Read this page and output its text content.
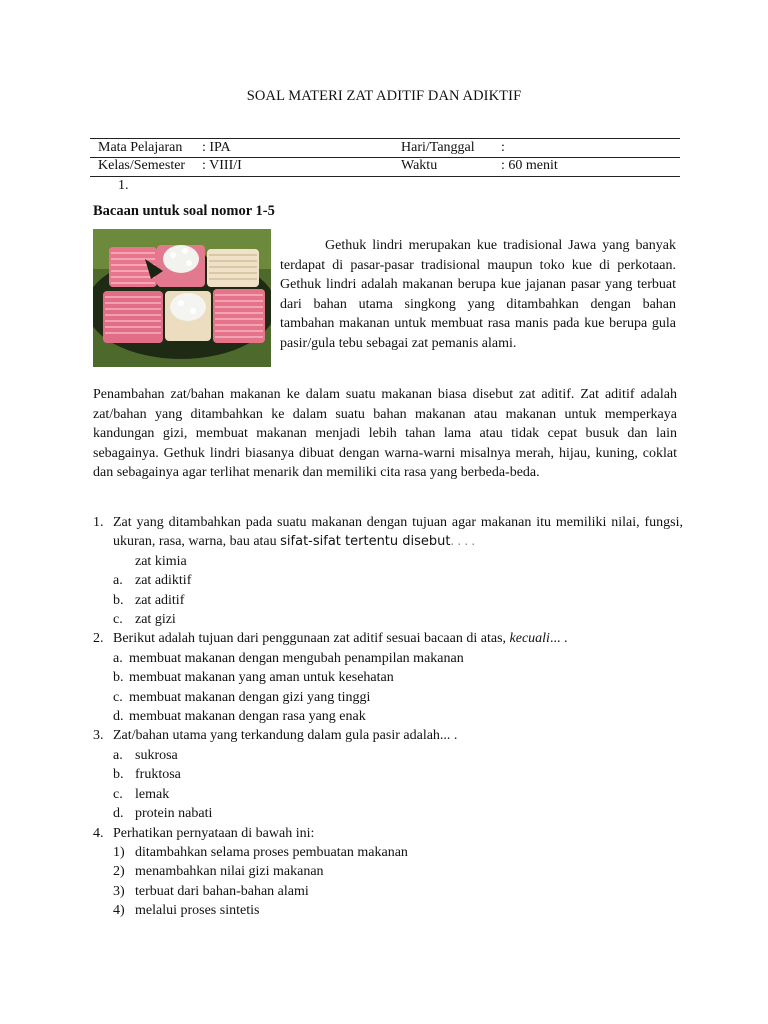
SOAL MATERI ZAT ADITIF DAN ADIKTIF
Mata Pelajaran : IPA	Hari/Tanggal :
Kelas/Semester : VIII/I	Waktu	: 60 menit
1.
Bacaan untuk soal nomor 1-5
Gethuk lindri merupakan kue tradisional Jawa yang banyak terdapat di pasar-pasar tradisional maupun toko kue di perkotaan. Gethuk lindri adalah makanan berupa kue jajanan pasar yang terbuat dari bahan utama singkong yang ditambahkan dengan bahan tambahan makanan untuk membuat rasa manis pada kue berupa gula pasir/gula tebu sebagai zat pemanis alami.
Penambahan zat/bahan makanan ke dalam suatu makanan biasa disebut zat aditif. Zat aditif adalah zat/bahan yang ditambahkan ke dalam suatu bahan makanan atau makanan untuk memperkaya kandungan gizi, membuat makanan menjadi lebih tahan lama atau tidak cepat busuk dan lain sebagainya. Gethuk lindri biasanya dibuat dengan warna-warni misalnya merah, hijau, kuning, coklat dan sebagainya agar terlihat menarik dan memiliki cita rasa yang berbeda-beda.
1. Zat yang ditambahkan pada suatu makanan dengan tujuan agar makanan itu memiliki nilai, fungsi, ukuran, rasa, warna, bau atau sifat-sifat tertentu disebut. . . .
zat kimia
a. zat adiktif
b. zat aditif
c. zat gizi
2. Berikut adalah tujuan dari penggunaan zat aditif sesuai bacaan di atas, kecuali... .
a. membuat makanan dengan mengubah penampilan makanan
b. membuat makanan yang aman untuk kesehatan
c. membuat makanan dengan gizi yang tinggi
d. membuat makanan dengan rasa yang enak
3. Zat/bahan utama yang terkandung dalam gula pasir adalah... .
a. sukrosa
b. fruktosa
c. lemak
d. protein nabati
4. Perhatikan pernyataan di bawah ini:
1) ditambahkan selama proses pembuatan makanan
2) menambahkan nilai gizi makanan
3) terbuat dari bahan-bahan alami
4) melalui proses sintetis
